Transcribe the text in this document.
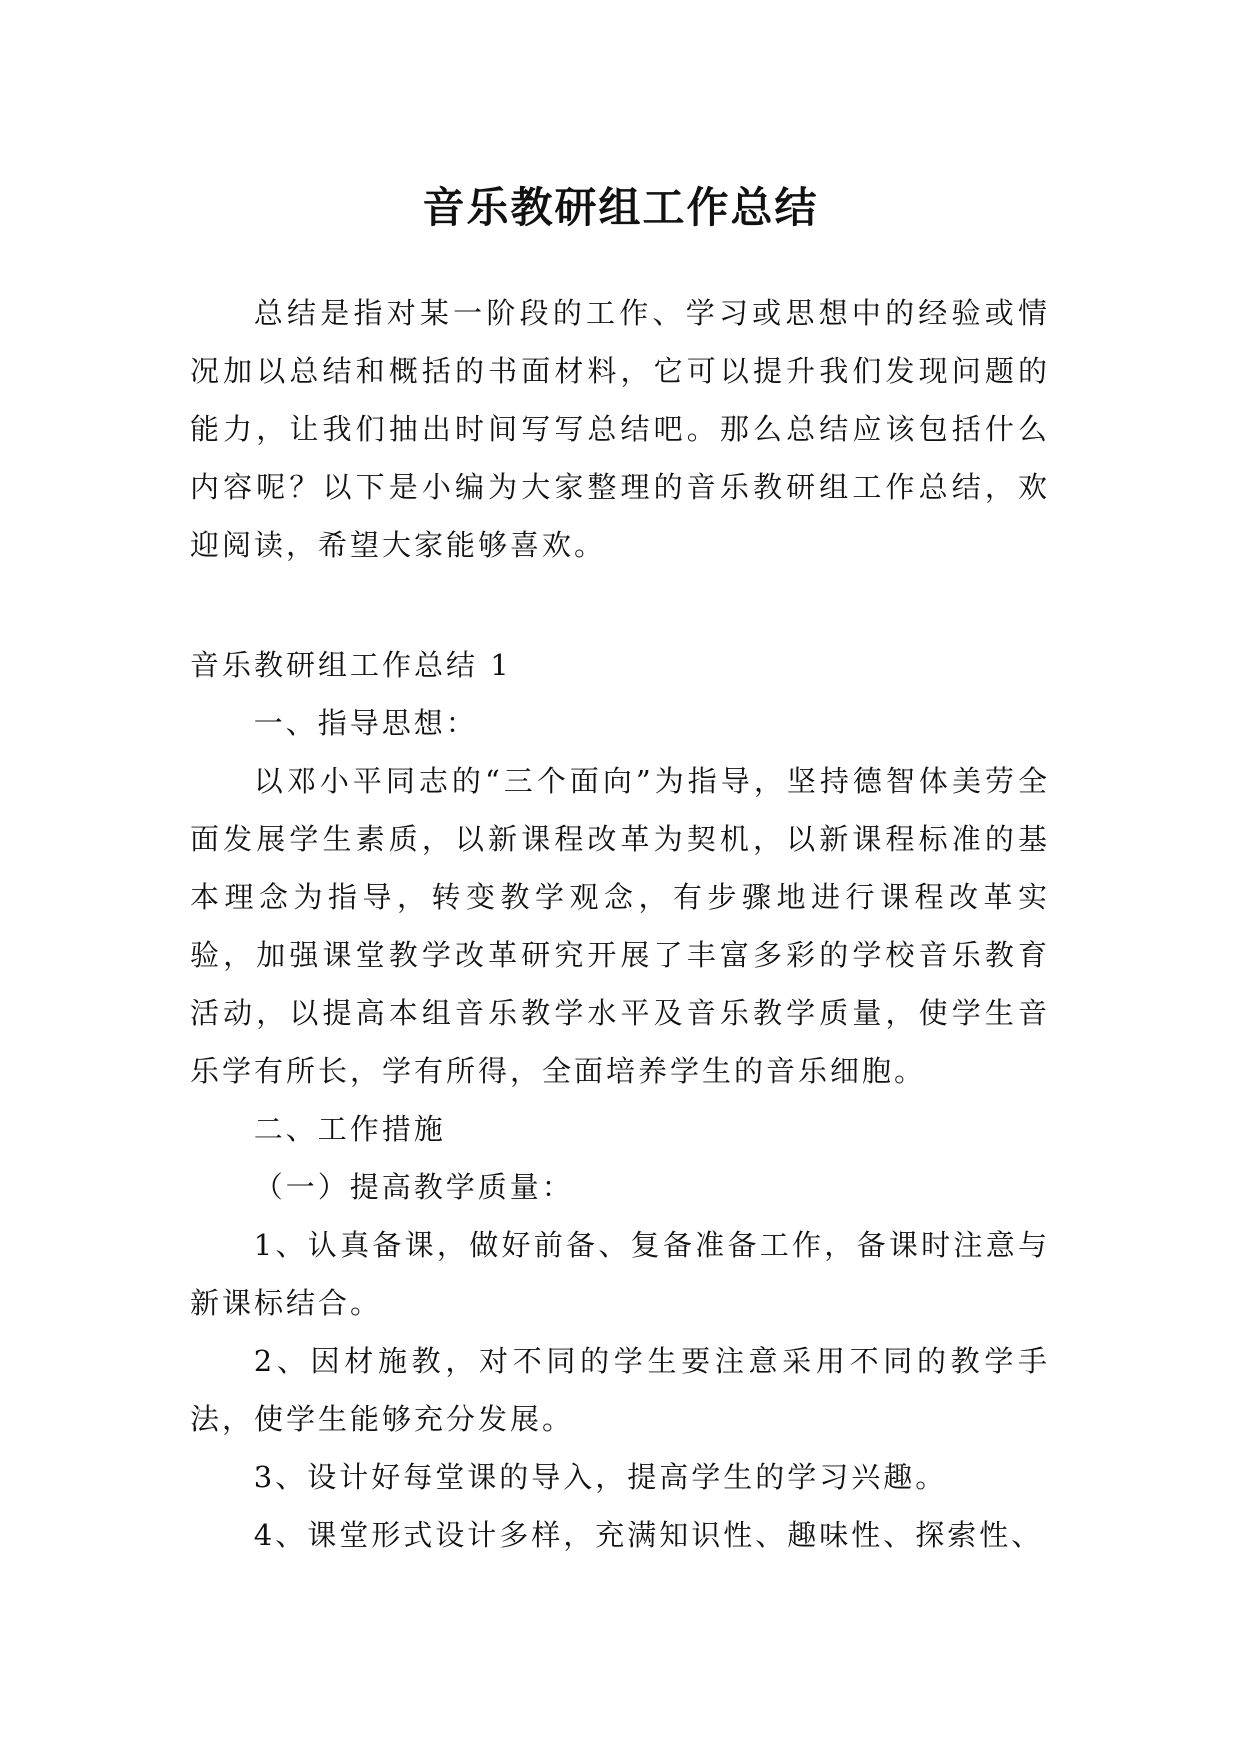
音乐教研组工作总结

总结是指对某一阶段的工作、学习或思想中的经验或情况加以总结和概括的书面材料，它可以提升我们发现问题的能力，让我们抽出时间写写总结吧。那么总结应该包括什么内容呢？以下是小编为大家整理的音乐教研组工作总结，欢迎阅读，希望大家能够喜欢。

音乐教研组工作总结 1

一、指导思想：

以邓小平同志的“三个面向”为指导，坚持德智体美劳全面发展学生素质，以新课程改革为契机，以新课程标准的基本理念为指导，转变教学观念，有步骤地进行课程改革实验，加强课堂教学改革研究开展了丰富多彩的学校音乐教育活动，以提高本组音乐教学水平及音乐教学质量，使学生音乐学有所长，学有所得，全面培养学生的音乐细胞。

二、工作措施

（一）提高教学质量：

1、认真备课，做好前备、复备准备工作，备课时注意与新课标结合。

2、因材施教，对不同的学生要注意采用不同的教学手法，使学生能够充分发展。

3、设计好每堂课的导入，提高学生的学习兴趣。

4、课堂形式设计多样，充满知识性、趣味性、探索性、
